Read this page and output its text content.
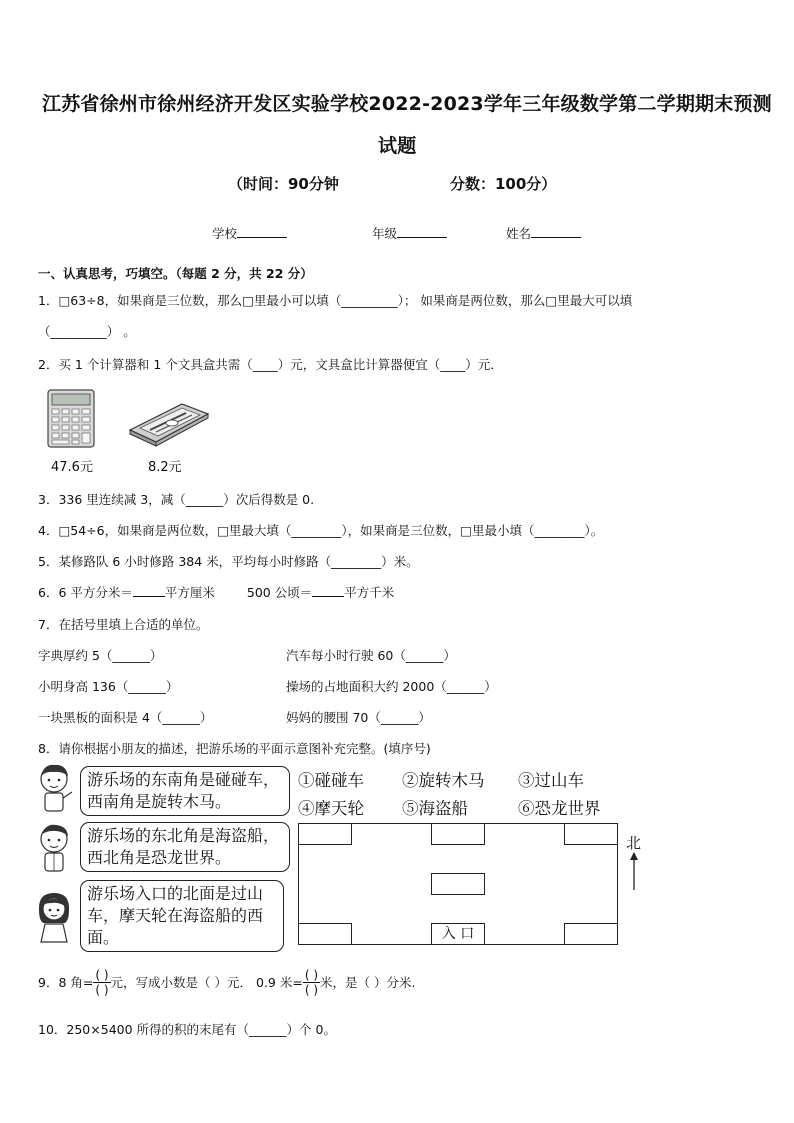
江苏省徐州市徐州经济开发区实验学校2022-2023学年三年级数学第二学期期末预测
试题
（时间：90分钟	分数：100分）
学校	年级	姓名
一、认真思考，巧填空。（每题 2 分，共 22 分）
1．□63÷8，如果商是三位数，那么□里最小可以填（_________）； 如果商是两位数，那么□里最大可以填
（_________） 。
2．买 1 个计算器和 1 个文具盒共需（____）元，文具盒比计算器便宜（____）元．
47.6元	8.2元
3．336 里连续减 3，减（______）次后得数是 0.
4．□54÷6，如果商是两位数，□里最大填（________），如果商是三位数，□里最小填（________）。
5．某修路队 6 小时修路 384 米，平均每小时修路（________）米。
6．6 平方分米＝	平方厘米	500 公顷＝	平方千米
7．在括号里填上合适的单位。
字典厚约 5（______）	汽车每小时行驶 60（______）
小明身高 136（______）	操场的占地面积大约 2000（______）
一块黑板的面积是 4（______）	妈妈的腰围 70（______）
8．请你根据小朋友的描述，把游乐场的平面示意图补充完整。(填序号)
游乐场的东南角是碰碰车，西南角是旋转木马。
游乐场的东北角是海盗船，西北角是恐龙世界。
游乐场入口的北面是过山车，摩天轮在海盗船的西面。
①碰碰车 ②旋转木马 ③过山车
④摩天轮 ⑤海盗船	⑥恐龙世界
入 口
北
9．8 角= $\frac{( )}{( )}$ 元，写成小数是（ ）元． 0.9 米= $\frac{( )}{( )}$ 米，是（ ）分米.
10．250×5400 所得的积的末尾有（______）个 0。
